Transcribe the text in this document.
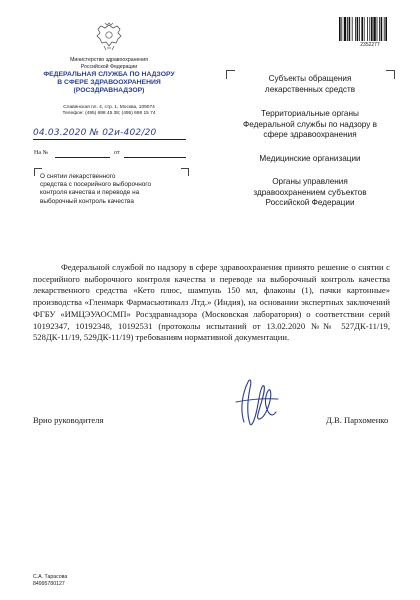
Министерство здравоохранения
Российской Федерации
ФЕДЕРАЛЬНАЯ СЛУЖБА ПО НАДЗОРУ
В СФЕРЕ ЗДРАВООХРАНЕНИЯ
(РОСЗДРАВНАДЗОР)
Славянская пл. 4, стр. 1, Москва, 109074
Телефон: (495) 698 45 38; (495) 698 15 74
2352277
Субъекты обращения
лекарственных средств
Территориальные органы
Федеральной службы по надзору в
сфере здравоохранения
Медицинские организации
Органы управления
здравоохранением субъектов
Российской Федерации
04.03.2020 № 02и-402/20
На №	от
О снятии лекарственного
средства с посерийного выборочного
контроля качества и переводе на
выборочный контроль качества

Федеральной службой по надзору в сфере здравоохранения принято решение о снятии с посерийного выборочного контроля качества и переводе на выборочный контроль качества лекарственного средства «Кето плюс, шампунь 150 мл, флаконы (1), пачки картонные» производства «Гленмарк Фармасьютикалз Лтд.» (Индия), на основании экспертных заключений ФГБУ «ИМЦЭУАОСМП» Росздравнадзора (Московская лаборатория) о соответствии серий 10192347, 10192348, 10192531 (протоколы испытаний от 13.02.2020 №№ 527ДК-11/19, 528ДК-11/19, 529ДК-11/19) требованиям нормативной документации.

Врио руководителя	Д.В. Пархоменко
С.А. Тарасова
84995780127
